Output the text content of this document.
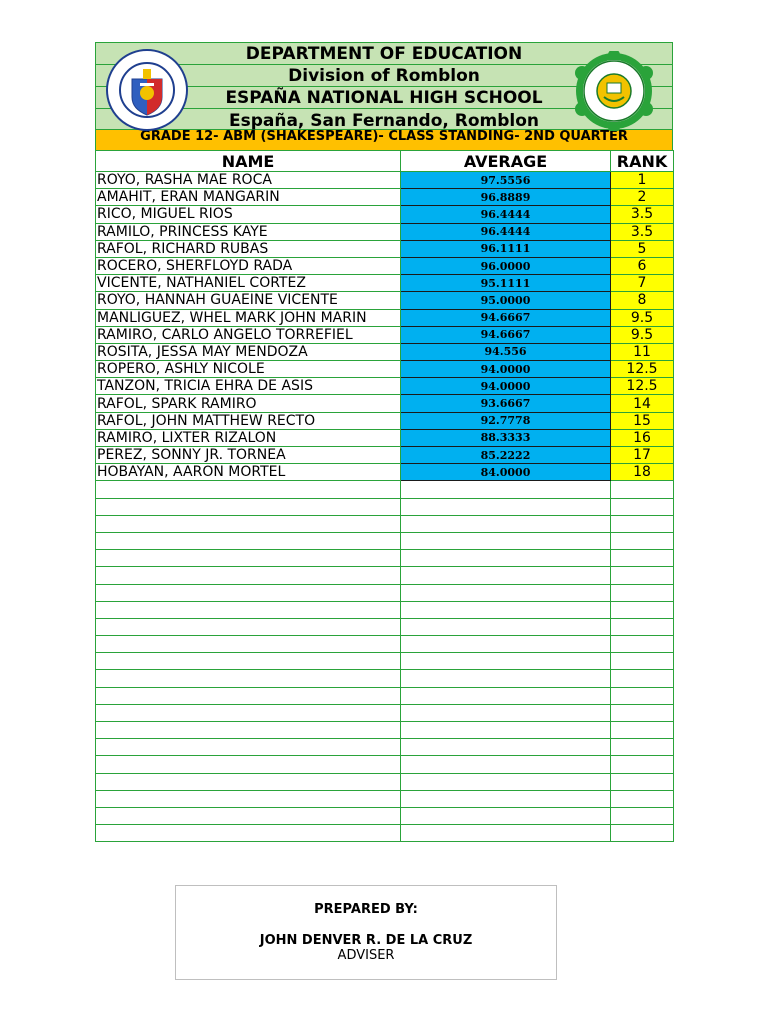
DEPARTMENT OF EDUCATION
Division of Romblon
ESPAÑA NATIONAL HIGH SCHOOL
España, San Fernando, Romblon
GRADE 12- ABM (SHAKESPEARE)- CLASS STANDING- 2ND QUARTER
NAME	AVERAGE	RANK
ROYO, RASHA MAE ROCA	97.5556	1
AMAHIT, ERAN MANGARIN	96.8889	2
RICO, MIGUEL RIOS	96.4444	3.5
RAMILO, PRINCESS KAYE	96.4444	3.5
RAFOL, RICHARD RUBAS	96.1111	5
ROCERO, SHERFLOYD RADA	96.0000	6
VICENTE, NATHANIEL CORTEZ	95.1111	7
ROYO, HANNAH GUAEINE VICENTE	95.0000	8
MANLIGUEZ, WHEL MARK JOHN MARIN	94.6667	9.5
RAMIRO, CARLO ANGELO TORREFIEL	94.6667	9.5
ROSITA, JESSA MAY MENDOZA	94.556	11
ROPERO, ASHLY NICOLE	94.0000	12.5
TANZON, TRICIA EHRA DE ASIS	94.0000	12.5
RAFOL, SPARK RAMIRO	93.6667	14
RAFOL, JOHN MATTHEW RECTO	92.7778	15
RAMIRO, LIXTER RIZALON	88.3333	16
PEREZ, SONNY JR. TORNEA	85.2222	17
HOBAYAN, AARON MORTEL	84.0000	18

PREPARED BY:
JOHN DENVER R. DE LA CRUZ
ADVISER
